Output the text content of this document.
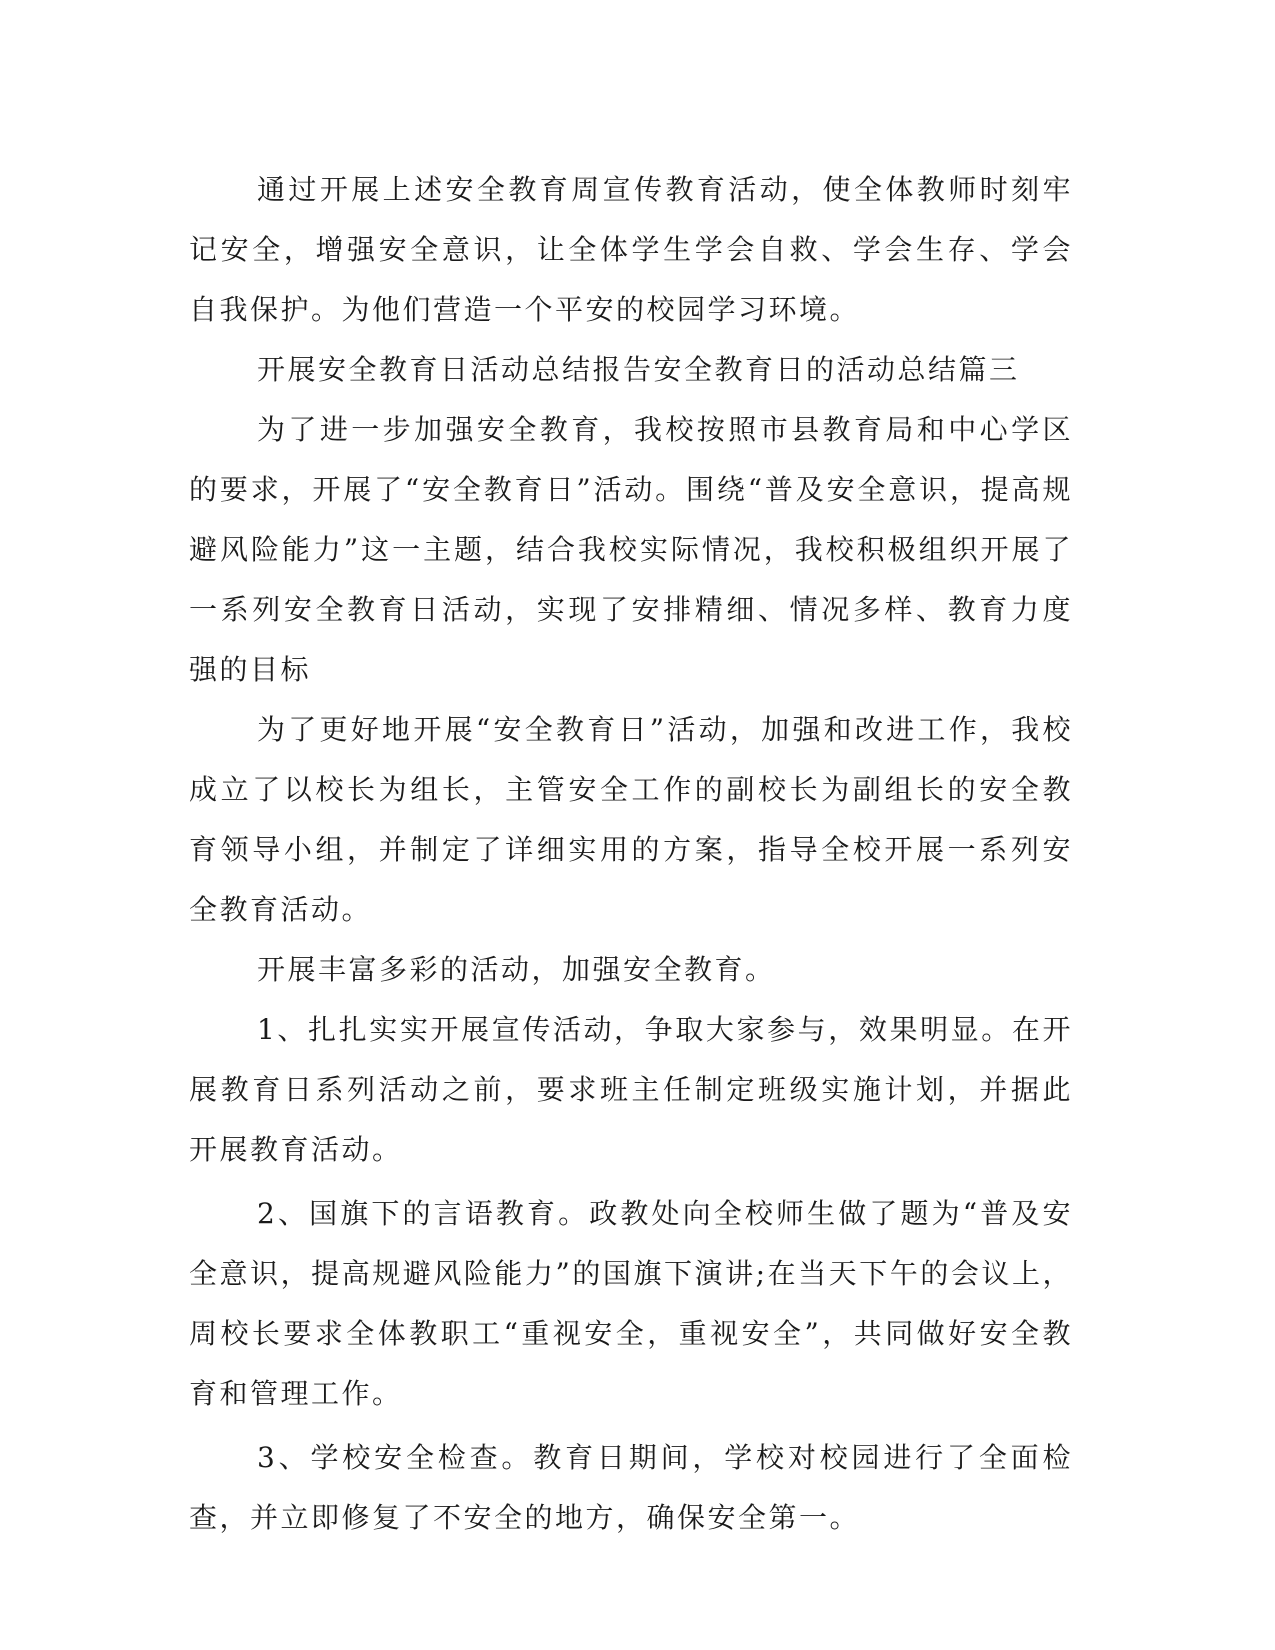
通过开展上述安全教育周宣传教育活动，使全体教师时刻牢记安全，增强安全意识，让全体学生学会自救、学会生存、学会自我保护。为他们营造一个平安的校园学习环境。

开展安全教育日活动总结报告安全教育日的活动总结篇三

为了进一步加强安全教育，我校按照市县教育局和中心学区的要求，开展了“安全教育日”活动。围绕“普及安全意识，提高规避风险能力”这一主题，结合我校实际情况，我校积极组织开展了一系列安全教育日活动，实现了安排精细、情况多样、教育力度强的目标

为了更好地开展“安全教育日”活动，加强和改进工作，我校成立了以校长为组长，主管安全工作的副校长为副组长的安全教育领导小组，并制定了详细实用的方案，指导全校开展一系列安全教育活动。

开展丰富多彩的活动，加强安全教育。

1、扎扎实实开展宣传活动，争取大家参与，效果明显。在开展教育日系列活动之前，要求班主任制定班级实施计划，并据此开展教育活动。

2、国旗下的言语教育。政教处向全校师生做了题为“普及安全意识，提高规避风险能力”的国旗下演讲;在当天下午的会议上，周校长要求全体教职工“重视安全，重视安全”，共同做好安全教育和管理工作。

3、学校安全检查。教育日期间，学校对校园进行了全面检查，并立即修复了不安全的地方，确保安全第一。
